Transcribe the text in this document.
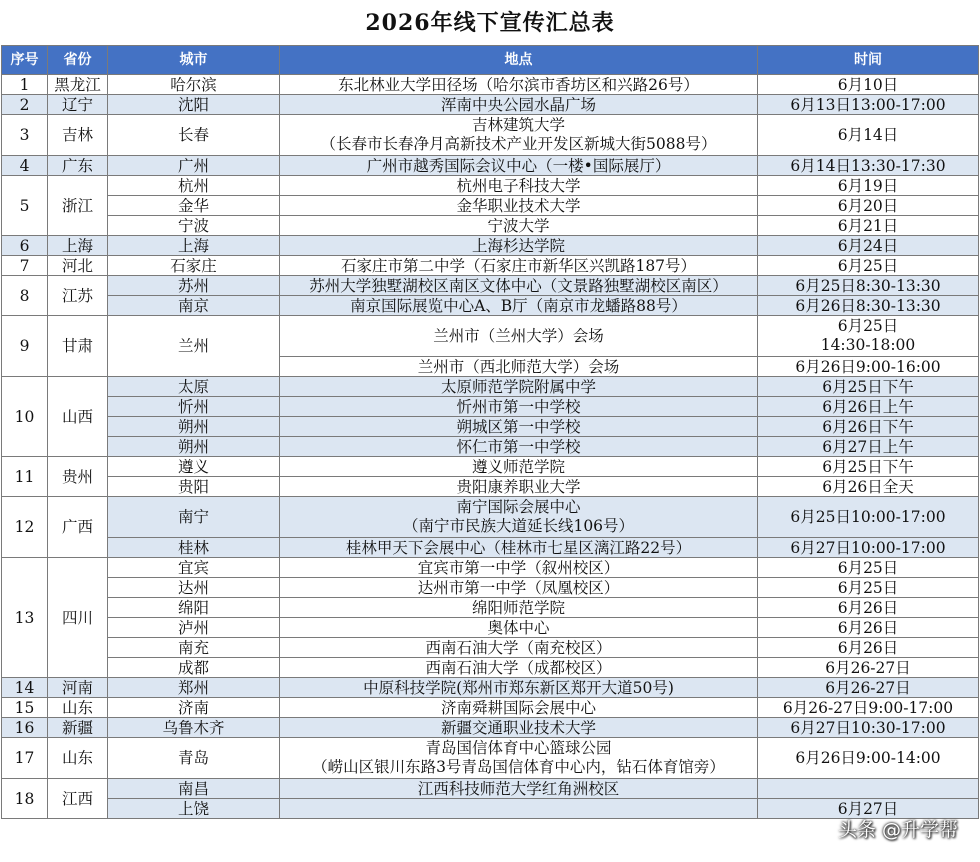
2026年线下宣传汇总表
序号	省份	城市	地点	时间
1	黑龙江	哈尔滨	东北林业大学田径场（哈尔滨市香坊区和兴路26号）	6月10日
2	辽宁	沈阳	浑南中央公园水晶广场	6月13日13:00-17:00
3	吉林	长春	吉林建筑大学
（长春市长春净月高新技术产业开发区新城大街5088号）	6月14日
4	广东	广州	广州市越秀国际会议中心（一楼•国际展厅）	6月14日13:30-17:30
5	浙江	杭州	杭州电子科技大学	6月19日
		金华	金华职业技术大学	6月20日
		宁波	宁波大学	6月21日
6	上海	上海	上海杉达学院	6月24日
7	河北	石家庄	石家庄市第二中学（石家庄市新华区兴凯路187号）	6月25日
8	江苏	苏州	苏州大学独墅湖校区南区文体中心（文景路独墅湖校区南区）	6月25日8:30-13:30
		南京	南京国际展览中心A、B厅（南京市龙蟠路88号）	6月26日8:30-13:30
9	甘肃	兰州	兰州市（兰州大学）会场	6月25日
14:30-18:00
			兰州市（西北师范大学）会场	6月26日9:00-16:00
10	山西	太原	太原师范学院附属中学	6月25日下午
		忻州	忻州市第一中学校	6月26日上午
		朔州	朔城区第一中学校	6月26日下午
		朔州	怀仁市第一中学校	6月27日上午
11	贵州	遵义	遵义师范学院	6月25日下午
		贵阳	贵阳康养职业大学	6月26日全天
12	广西	南宁	南宁国际会展中心
（南宁市民族大道延长线106号）	6月25日10:00-17:00
		桂林	桂林甲天下会展中心（桂林市七星区漓江路22号）	6月27日10:00-17:00
13	四川	宜宾	宜宾市第一中学（叙州校区）	6月25日
		达州	达州市第一中学（凤凰校区）	6月25日
		绵阳	绵阳师范学院	6月26日
		泸州	奥体中心	6月26日
		南充	西南石油大学（南充校区）	6月26日
		成都	西南石油大学（成都校区）	6月26-27日
14	河南	郑州	中原科技学院(郑州市郑东新区郑开大道50号)	6月26-27日
15	山东	济南	济南舜耕国际会展中心	6月26-27日9:00-17:00
16	新疆	乌鲁木齐	新疆交通职业技术大学	6月27日10:30-17:00
17	山东	青岛	青岛国信体育中心篮球公园
（崂山区银川东路3号青岛国信体育中心内，钻石体育馆旁）	6月26日9:00-14:00
18	江西	南昌	江西科技师范大学红角洲校区	
		上饶		6月27日
头条 @升学帮
